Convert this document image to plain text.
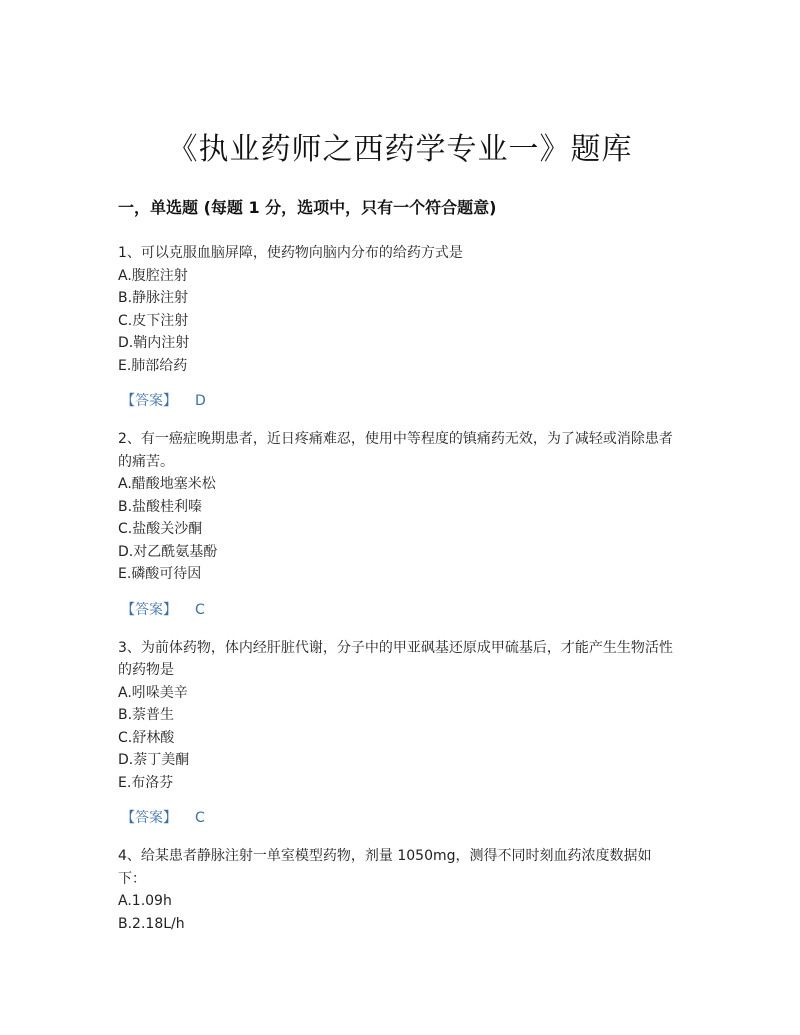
《执业药师之西药学专业一》题库
一，单选题 (每题 1 分，选项中，只有一个符合题意)

1、可以克服血脑屏障，使药物向脑内分布的给药方式是

A.腹腔注射

B.静脉注射

C.皮下注射

D.鞘内注射

E.肺部给药

【答案】 D

2、有一癌症晚期患者，近日疼痛难忍，使用中等程度的镇痛药无效，为了减轻或消除患者的痛苦。

A.醋酸地塞米松

B.盐酸桂利嗪

C.盐酸关沙酮

D.对乙酰氨基酚

E.磷酸可待因

【答案】 C

3、为前体药物，体内经肝脏代谢，分子中的甲亚砜基还原成甲硫基后，才能产生生物活性的药物是

A.吲哚美辛

B.萘普生

C.舒林酸

D.萘丁美酮

E.布洛芬

【答案】 C

4、给某患者静脉注射一单室模型药物，剂量 1050mg，测得不同时刻血药浓度数据如下：

A.1.09h

B.2.18L/h
